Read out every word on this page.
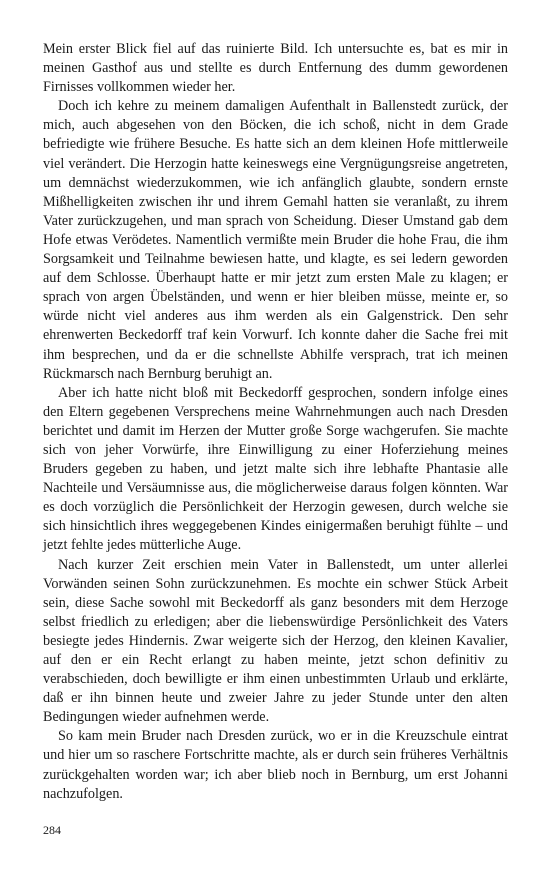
Mein erster Blick fiel auf das ruinierte Bild. Ich untersuchte es, bat es mir in meinen Gasthof aus und stellte es durch Entfernung des dumm gewordenen Firnisses vollkommen wieder her.

Doch ich kehre zu meinem damaligen Aufenthalt in Ballenstedt zurück, der mich, auch abgesehen von den Böcken, die ich schoß, nicht in dem Grade befriedigte wie frühere Besuche. Es hatte sich an dem kleinen Hofe mittlerweile viel verändert. Die Herzogin hatte keineswegs eine Vergnügungsreise angetreten, um demnächst wiederzukommen, wie ich anfänglich glaubte, sondern ernste Mißhelligkeiten zwischen ihr und ihrem Gemahl hatten sie veranlaßt, zu ihrem Vater zurückzugehen, und man sprach von Scheidung. Dieser Umstand gab dem Hofe etwas Verödetes. Namentlich vermißte mein Bruder die hohe Frau, die ihm Sorgsamkeit und Teilnahme bewiesen hatte, und klagte, es sei ledern geworden auf dem Schlosse. Überhaupt hatte er mir jetzt zum ersten Male zu klagen; er sprach von argen Übelständen, und wenn er hier bleiben müsse, meinte er, so würde nicht viel anderes aus ihm werden als ein Galgenstrick. Den sehr ehrenwerten Beckedorff traf kein Vorwurf. Ich konnte daher die Sache frei mit ihm besprechen, und da er die schnellste Abhilfe versprach, trat ich meinen Rückmarsch nach Bernburg beruhigt an.

Aber ich hatte nicht bloß mit Beckedorff gesprochen, sondern infolge eines den Eltern gegebenen Versprechens meine Wahrnehmungen auch nach Dresden berichtet und damit im Herzen der Mutter große Sorge wachgerufen. Sie machte sich von jeher Vorwürfe, ihre Einwilligung zu einer Hoferziehung meines Bruders gegeben zu haben, und jetzt malte sich ihre lebhafte Phantasie alle Nachteile und Versäumnisse aus, die möglicherweise daraus folgen könnten. War es doch vorzüglich die Persönlichkeit der Herzogin gewesen, durch welche sie sich hinsichtlich ihres weggegebenen Kindes einigermaßen beruhigt fühlte – und jetzt fehlte jedes mütterliche Auge.

Nach kurzer Zeit erschien mein Vater in Ballenstedt, um unter allerlei Vorwänden seinen Sohn zurückzunehmen. Es mochte ein schwer Stück Arbeit sein, diese Sache sowohl mit Beckedorff als ganz besonders mit dem Herzoge selbst friedlich zu erledigen; aber die liebenswürdige Persönlichkeit des Vaters besiegte jedes Hindernis. Zwar weigerte sich der Herzog, den kleinen Kavalier, auf den er ein Recht erlangt zu haben meinte, jetzt schon definitiv zu verabschieden, doch bewilligte er ihm einen unbestimmten Urlaub und erklärte, daß er ihn binnen heute und zweier Jahre zu jeder Stunde unter den alten Bedingungen wieder aufnehmen werde.

So kam mein Bruder nach Dresden zurück, wo er in die Kreuzschule eintrat und hier um so raschere Fortschritte machte, als er durch sein früheres Verhältnis zurückgehalten worden war; ich aber blieb noch in Bernburg, um erst Johanni nachzufolgen.

284
